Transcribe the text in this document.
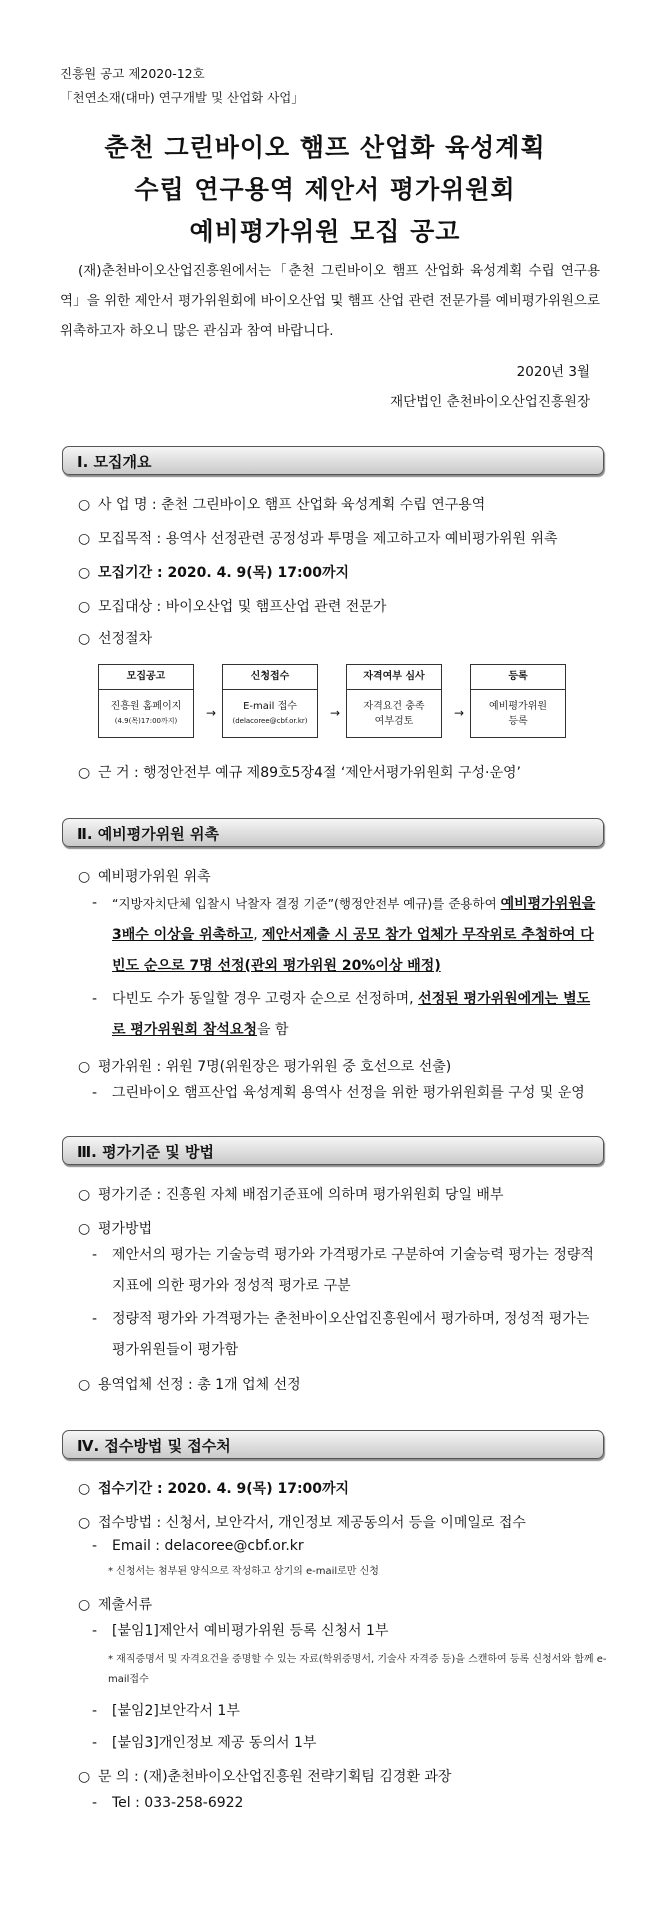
진흥원 공고 제2020-12호
「천연소재(대마) 연구개발 및 산업화 사업」
춘천 그린바이오 햄프 산업화 육성계획
수립 연구용역 제안서 평가위원회
예비평가위원 모집 공고
(재)춘천바이오산업진흥원에서는「춘천 그린바이오 햄프 산업화 육성계획 수립 연구용역」을 위한 제안서 평가위원회에 바이오산업 및 햄프 산업 관련 전문가를 예비평가위원으로 위촉하고자 하오니 많은 관심과 참여 바랍니다.
2020년 3월
재단법인 춘천바이오산업진흥원장
Ⅰ. 모집개요
○ 사 업 명 : 춘천 그린바이오 햄프 산업화 육성계획 수립 연구용역
○ 모집목적 : 용역사 선정관련 공정성과 투명을 제고하고자 예비평가위원 위촉
○ 모집기간 : 2020. 4. 9(목) 17:00까지
○ 모집대상 : 바이오산업 및 햄프산업 관련 전문가
○ 선정절차
모집공고
진흥원 홈페이지
(4.9(목)17:00까지)
→
신청접수
E-mail 접수
(delacoree@cbf.or.kr)
→
자격여부 심사
자격요건 충족
여부검토
→
등록
예비평가위원
등록
○ 근 거 : 행정안전부 예규 제89호5장4절 ‘제안서평가위원회 구성·운영’
Ⅱ. 예비평가위원 위촉
○ 예비평가위원 위촉
-	“지방자치단체 입찰시 낙찰자 결정 기준”(행정안전부 예규)를 준용하여 예비평가위원을 3배수 이상을 위촉하고, 제안서제출 시 공모 참가 업체가 무작위로 추첨하여 다빈도 순으로 7명 선정(관외 평가위원 20%이상 배정)
-	다빈도 수가 동일할 경우 고령자 순으로 선정하며, 선정된 평가위원에게는 별도로 평가위원회 참석요청을 함
○ 평가위원 : 위원 7명(위원장은 평가위원 중 호선으로 선출)
-	그린바이오 햄프산업 육성계획 용역사 선정을 위한 평가위원회를 구성 및 운영
Ⅲ. 평가기준 및 방법
○ 평가기준 : 진흥원 자체 배점기준표에 의하며 평가위원회 당일 배부
○ 평가방법
-	제안서의 평가는 기술능력 평가와 가격평가로 구분하여 기술능력 평가는 정량적 지표에 의한 평가와 정성적 평가로 구분
-	정량적 평가와 가격평가는 춘천바이오산업진흥원에서 평가하며, 정성적 평가는 평가위원들이 평가함
○ 용역업체 선정 : 총 1개 업체 선정
Ⅳ. 접수방법 및 접수처
○ 접수기간 : 2020. 4. 9(목) 17:00까지
○ 접수방법 : 신청서, 보안각서, 개인정보 제공동의서 등을 이메일로 접수
-	Email : delacoree@cbf.or.kr
* 신청서는 첨부된 양식으로 작성하고 상기의 e-mail로만 신청
○ 제출서류
-	[붙임1]제안서 예비평가위원 등록 신청서 1부
* 재직증명서 및 자격요건을 증명할 수 있는 자료(학위증명서, 기술사 자격증 등)을 스캔하여 등록 신청서와 함께 e-mail접수
-	[붙임2]보안각서 1부
-	[붙임3]개인정보 제공 동의서 1부
○ 문 의 : (재)춘천바이오산업진흥원 전략기획팀 김경환 과장
-	Tel : 033-258-6922
